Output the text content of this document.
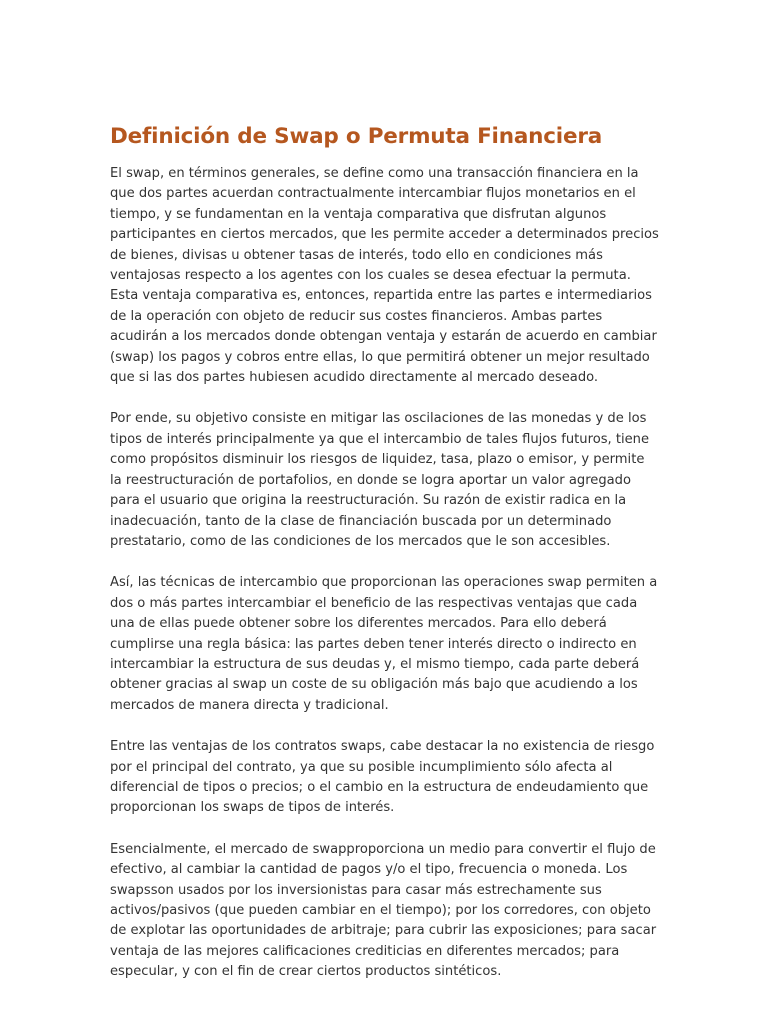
Definición de Swap o Permuta Financiera

El swap, en términos generales, se define como una transacción financiera en la que dos partes acuerdan contractualmente intercambiar flujos monetarios en el tiempo, y se fundamentan en la ventaja comparativa que disfrutan algunos participantes en ciertos mercados, que les permite acceder a determinados precios de bienes, divisas u obtener tasas de interés, todo ello en condiciones más ventajosas respecto a los agentes con los cuales se desea efectuar la permuta. Esta ventaja comparativa es, entonces, repartida entre las partes e intermediarios de la operación con objeto de reducir sus costes financieros. Ambas partes acudirán a los mercados donde obtengan ventaja y estarán de acuerdo en cambiar (swap) los pagos y cobros entre ellas, lo que permitirá obtener un mejor resultado que si las dos partes hubiesen acudido directamente al mercado deseado.

Por ende, su objetivo consiste en mitigar las oscilaciones de las monedas y de los tipos de interés principalmente ya que el intercambio de tales flujos futuros, tiene como propósitos disminuir los riesgos de liquidez, tasa, plazo o emisor, y permite la reestructuración de portafolios, en donde se logra aportar un valor agregado para el usuario que origina la reestructuración. Su razón de existir radica en la inadecuación, tanto de la clase de financiación buscada por un determinado prestatario, como de las condiciones de los mercados que le son accesibles.

Así, las técnicas de intercambio que proporcionan las operaciones swap permiten a dos o más partes intercambiar el beneficio de las respectivas ventajas que cada una de ellas puede obtener sobre los diferentes mercados. Para ello deberá cumplirse una regla básica: las partes deben tener interés directo o indirecto en intercambiar la estructura de sus deudas y, el mismo tiempo, cada parte deberá obtener gracias al swap un coste de su obligación más bajo que acudiendo a los mercados de manera directa y tradicional.

Entre las ventajas de los contratos swaps, cabe destacar la no existencia de riesgo por el principal del contrato, ya que su posible incumplimiento sólo afecta al diferencial de tipos o precios; o el cambio en la estructura de endeudamiento que proporcionan los swaps de tipos de interés.

Esencialmente, el mercado de swapproporciona un medio para convertir el flujo de efectivo, al cambiar la cantidad de pagos y/o el tipo, frecuencia o moneda. Los swapsson usados por los inversionistas para casar más estrechamente sus activos/pasivos (que pueden cambiar en el tiempo); por los corredores, con objeto de explotar las oportunidades de arbitraje; para cubrir las exposiciones; para sacar ventaja de las mejores calificaciones crediticias en diferentes mercados; para especular, y con el fin de crear ciertos productos sintéticos.
